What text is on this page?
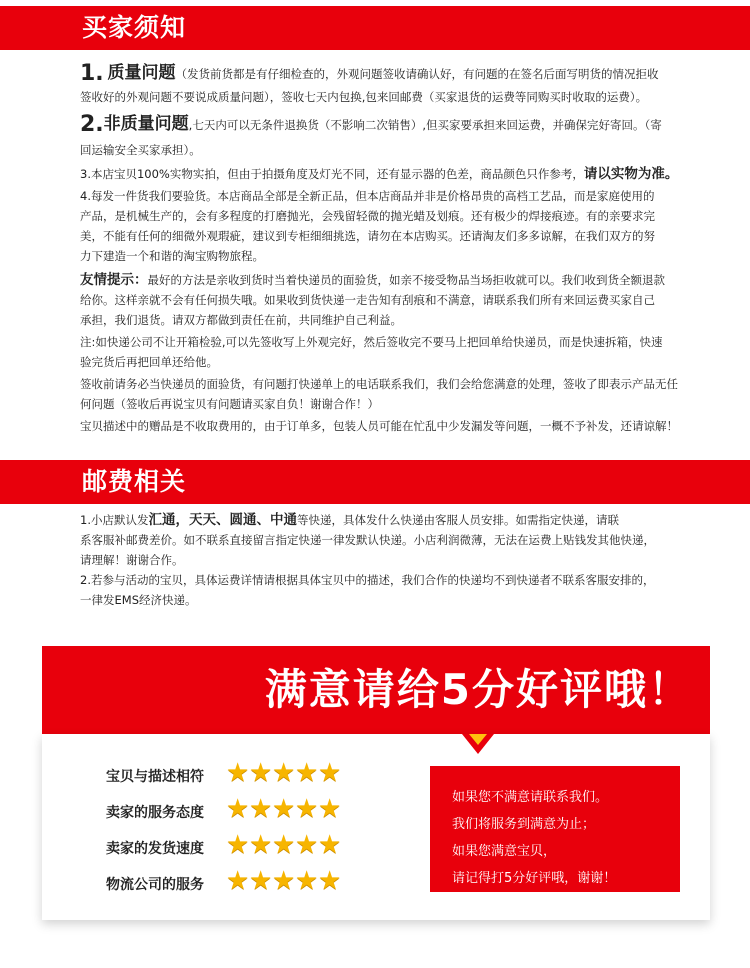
买家须知

1. 质量问题（发货前货都是有仔细检查的，外观问题签收请确认好，有问题的在签名后面写明货的情况拒收

签收好的外观问题不要说成质量问题），签收七天内包换,包来回邮费（买家退货的运费等同购买时收取的运费）。

2.非质量问题,七天内可以无条件退换货（不影响二次销售）,但买家要承担来回运费，并确保完好寄回。（寄

回运输安全买家承担）。

3.本店宝贝100%实物实拍，但由于拍摄角度及灯光不同，还有显示器的色差，商品颜色只作参考，请以实物为准。

4.每发一件货我们要验货。本店商品全部是全新正品，但本店商品并非是价格昂贵的高档工艺品，而是家庭使用的

产品，是机械生产的，会有多程度的打磨抛光，会残留轻微的抛光蜡及划痕。还有极少的焊接痕迹。有的亲要求完

美，不能有任何的细微外观瑕疵，建议到专柜细细挑选，请勿在本店购买。还请淘友们多多谅解，在我们双方的努

力下建造一个和谐的淘宝购物旅程。

友情提示：最好的方法是亲收到货时当着快递员的面验货，如亲不接受物品当场拒收就可以。我们收到货全额退款

给你。这样亲就不会有任何损失哦。如果收到货快递一走告知有刮痕和不满意，请联系我们所有来回运费买家自己

承担，我们退货。请双方都做到责任在前，共同维护自己利益。

注:如快递公司不让开箱检验,可以先签收写上外观完好，然后签收完不要马上把回单给快递员，而是快速拆箱，快速

验完货后再把回单还给他。

签收前请务必当快递员的面验货，有问题打快递单上的电话联系我们，我们会给您满意的处理，签收了即表示产品无任

何问题（签收后再说宝贝有问题请买家自负！谢谢合作！）

宝贝描述中的赠品是不收取费用的，由于订单多，包装人员可能在忙乱中少发漏发等问题，一概不予补发，还请谅解！

邮费相关

1.小店默认发汇通，天天、圆通、中通等快递，具体发什么快递由客服人员安排。如需指定快递，请联

系客服补邮费差价。如不联系直接留言指定快递一律发默认快递。小店利润微薄，无法在运费上贴钱发其他快递，

请理解！谢谢合作。

2.若参与活动的宝贝，具体运费详情请根据具体宝贝中的描述，我们合作的快递均不到快递者不联系客服安排的，

一律发EMS经济快递。

满意请给5分好评哦！
宝贝与描述相符 ★★★★★
卖家的服务态度 ★★★★★
卖家的发货速度 ★★★★★
物流公司的服务 ★★★★★
如果您不满意请联系我们。
我们将服务到满意为止；
如果您满意宝贝，
请记得打5分好评哦，谢谢！
